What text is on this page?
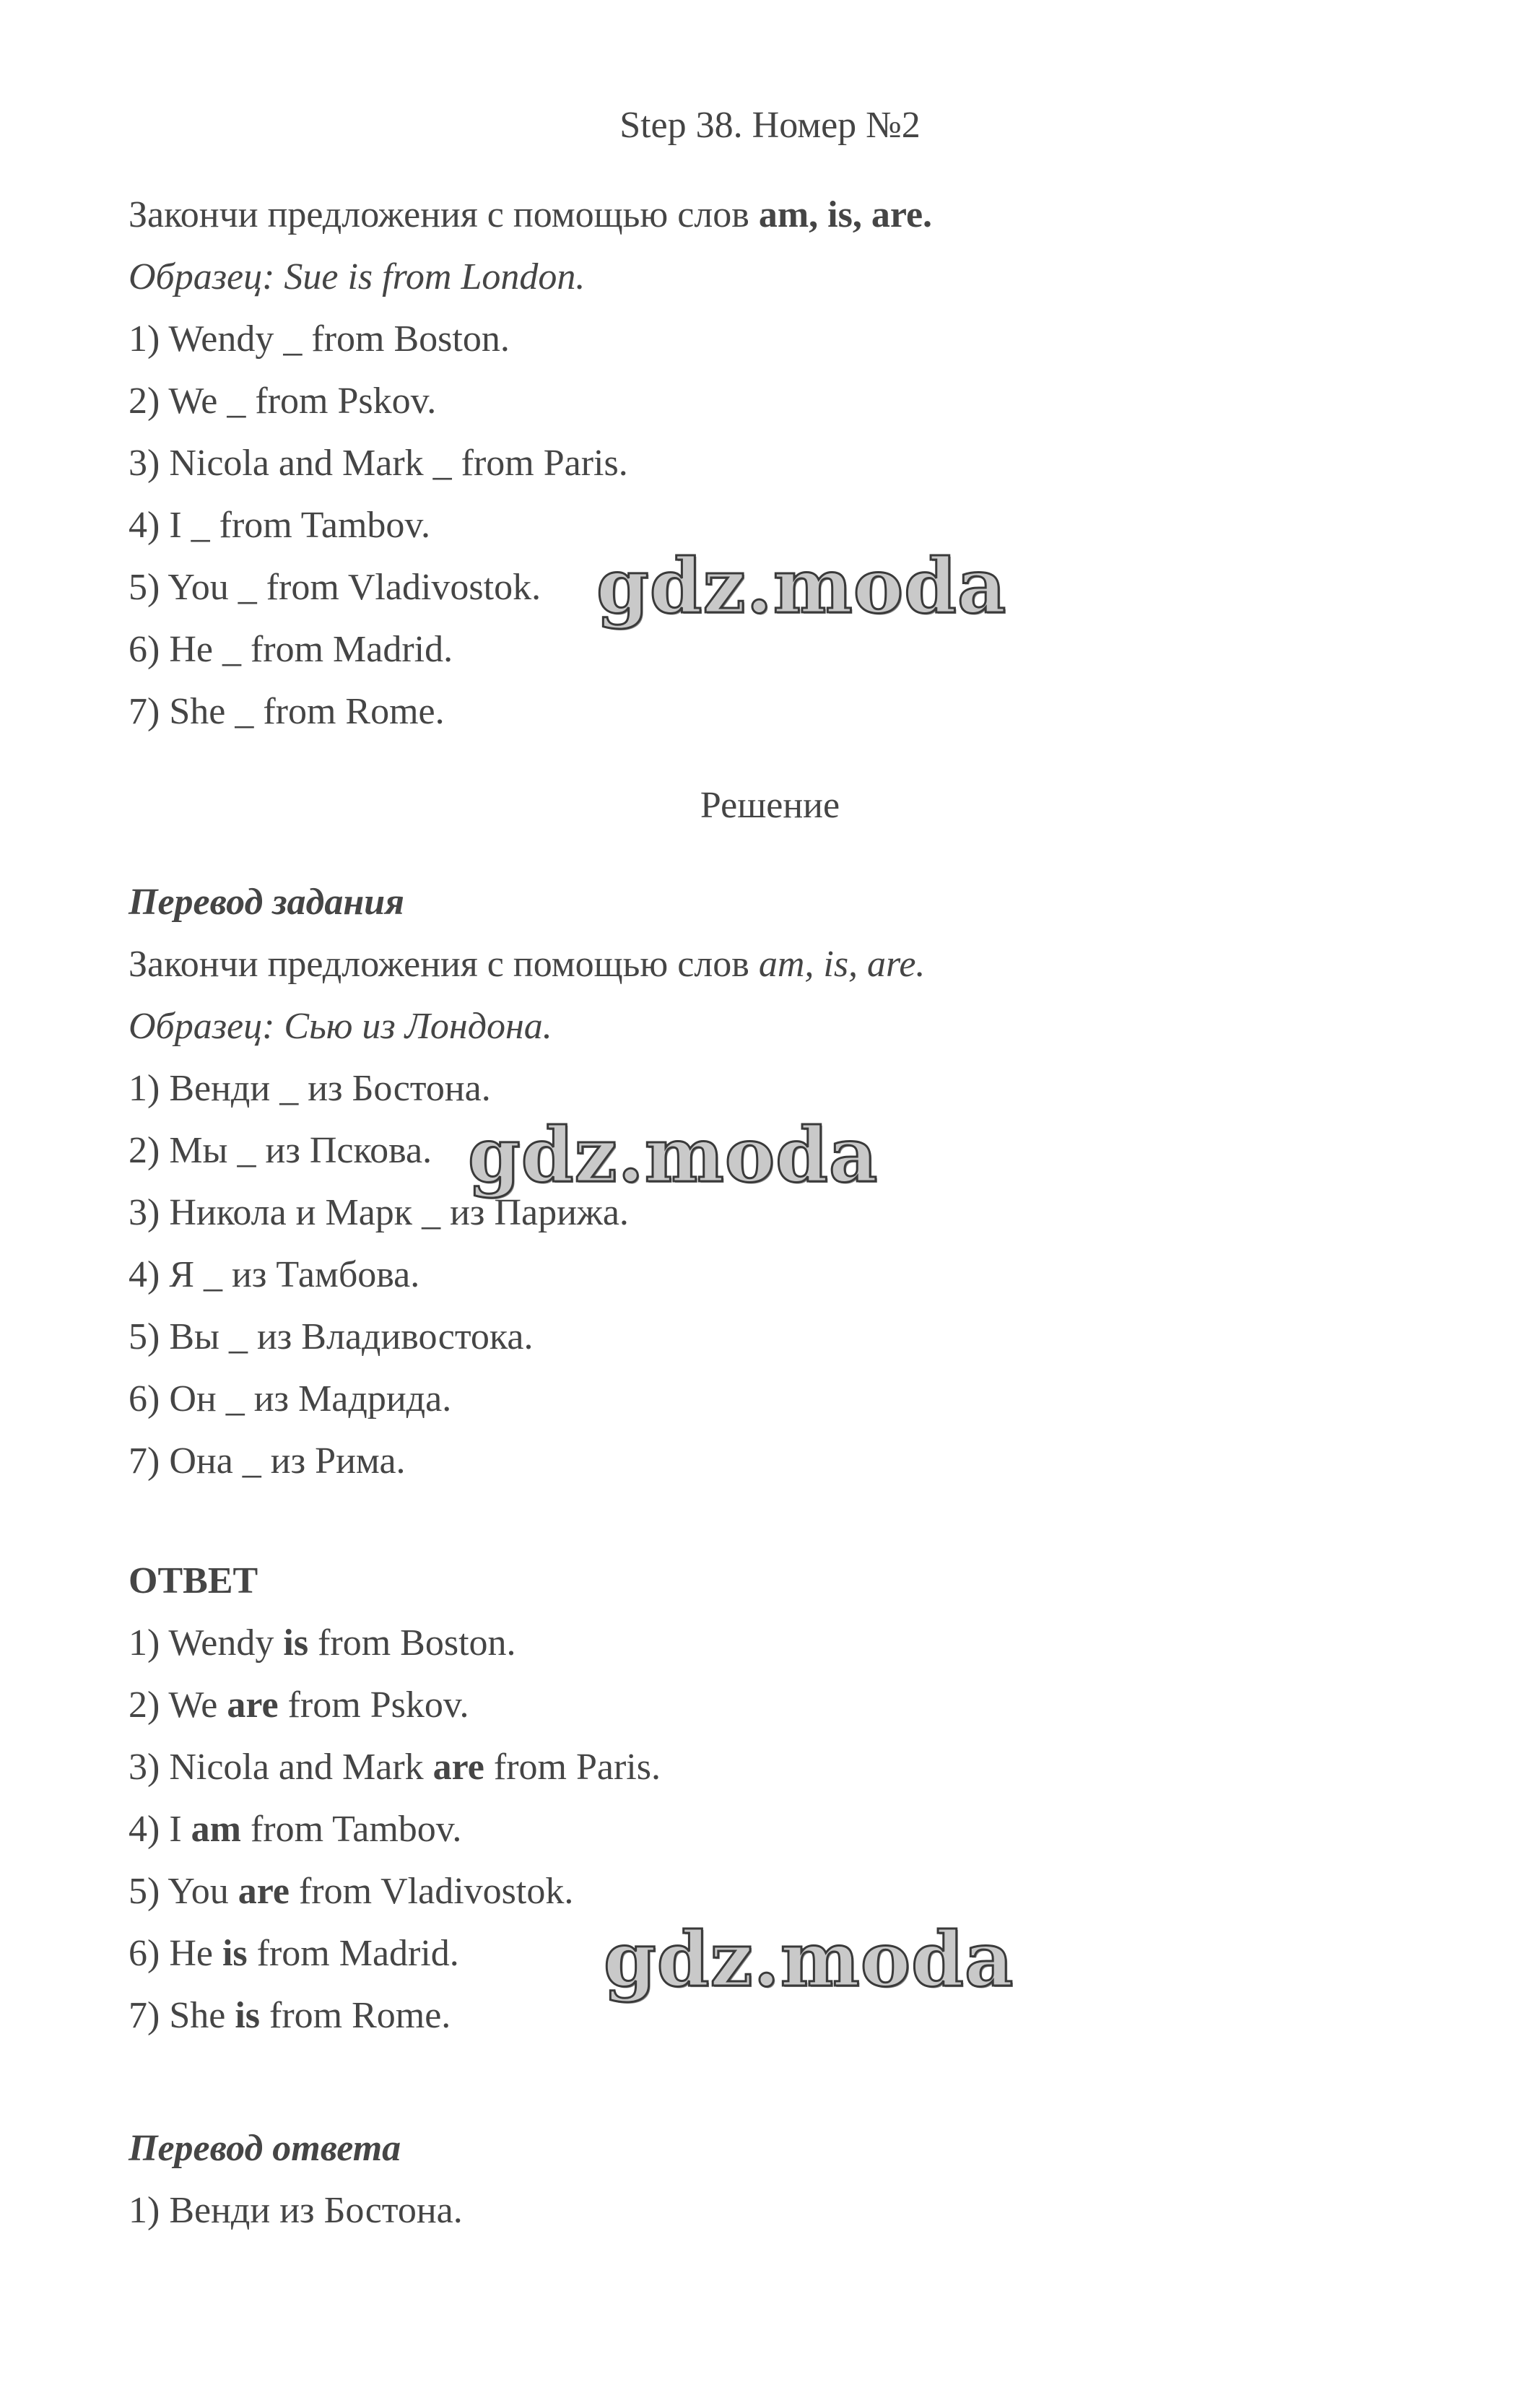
Step 38. Номер №2

Закончи предложения с помощью слов am, is, are.

Образец: Sue is from London.

1) Wendy _ from Boston.

2) We _ from Pskov.

3) Nicola and Mark _ from Paris.

4) I _ from Tambov.

5) You _ from Vladivostok.

6) He _ from Madrid.

7) She _ from Rome.

Решение

Перевод задания

Закончи предложения с помощью слов am, is, are.

Образец: Сью из Лондона.

1) Венди _ из Бостона.

2) Мы _ из Пскова.

3) Никола и Марк _ из Парижа.

4) Я _ из Тамбова.

5) Вы _ из Владивостока.

6) Он _ из Мадрида.

7) Она _ из Рима.

ОТВЕТ

1) Wendy is from Boston.

2) We are from Pskov.

3) Nicola and Mark are from Paris.

4) I am from Tambov.

5) You are from Vladivostok.

6) He is from Madrid.

7) She is from Rome.

Перевод ответа

1) Венди из Бостона.

gdz.moda
gdz.moda
gdz.moda
